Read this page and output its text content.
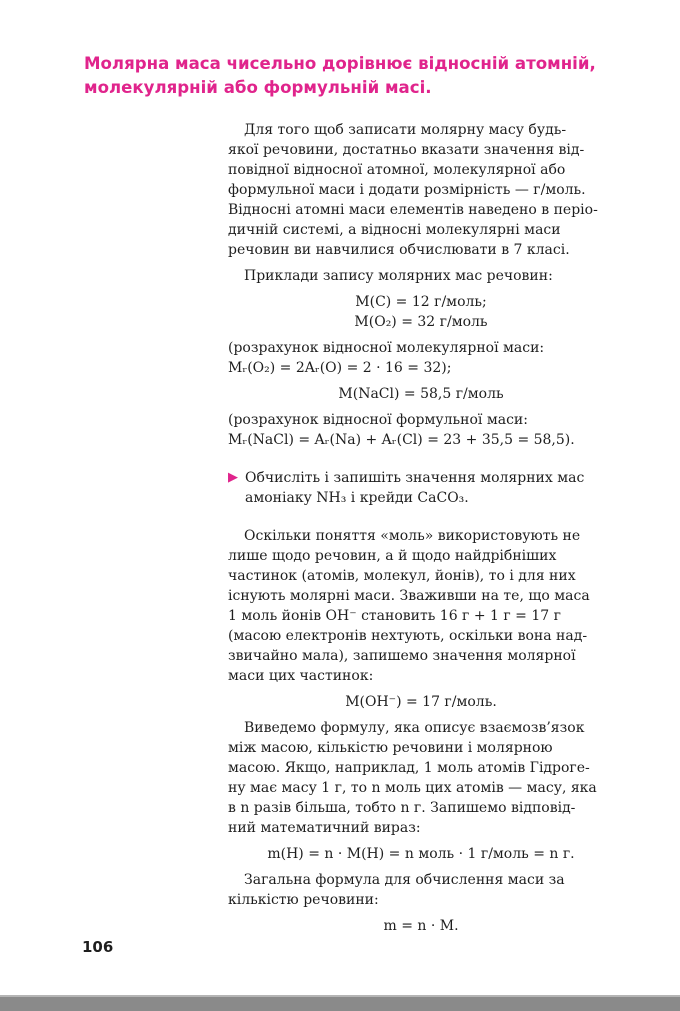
Молярна маса чисельно дорівнює відносній атомній,
молекулярній або формульній масі.

Для того щоб записати молярну масу будь-

якої речовини, достатньо вказати значення від-

повідної відносної атомної, молекулярної або

формульної маси і додати розмірність — г/моль.

Відносні атомні маси елементів наведено в періо-

дичній системі, а відносні молекулярні маси

речовин ви навчилися обчислювати в 7 класі.

Приклади запису молярних мас речовин:

M(C) = 12 г/моль;

M(O₂) = 32 г/моль

(розрахунок відносної молекулярної маси:

Mᵣ(O₂) = 2Aᵣ(O) = 2 · 16 = 32);

M(NaCl) = 58,5 г/моль

(розрахунок відносної формульної маси:

Mᵣ(NaCl) = Aᵣ(Na) + Aᵣ(Cl) = 23 + 35,5 = 58,5).

▶ Обчисліть і запишіть значення молярних мас

амоніаку NH₃ і крейди CaCO₃.

Оскільки поняття «моль» використовують не

лише щодо речовин, а й щодо найдрібніших

частинок (атомів, молекул, йонів), то і для них

існують молярні маси. Зваживши на те, що маса

1 моль йонів OH⁻ становить 16 г + 1 г = 17 г

(масою електронів нехтують, оскільки вона над-

звичайно мала), запишемо значення молярної

маси цих частинок:

M(OH⁻) = 17 г/моль.

Виведемо формулу, яка описує взаємозв’язок

між масою, кількістю речовини і молярною

масою. Якщо, наприклад, 1 моль атомів Гідроге-

ну має масу 1 г, то n моль цих атомів — масу, яка

в n разів більша, тобто n г. Запишемо відповід-

ний математичний вираз:

m(H) = n · M(H) = n моль · 1 г/моль = n г.

Загальна формула для обчислення маси за

кількістю речовини:

m = n · M.

106
